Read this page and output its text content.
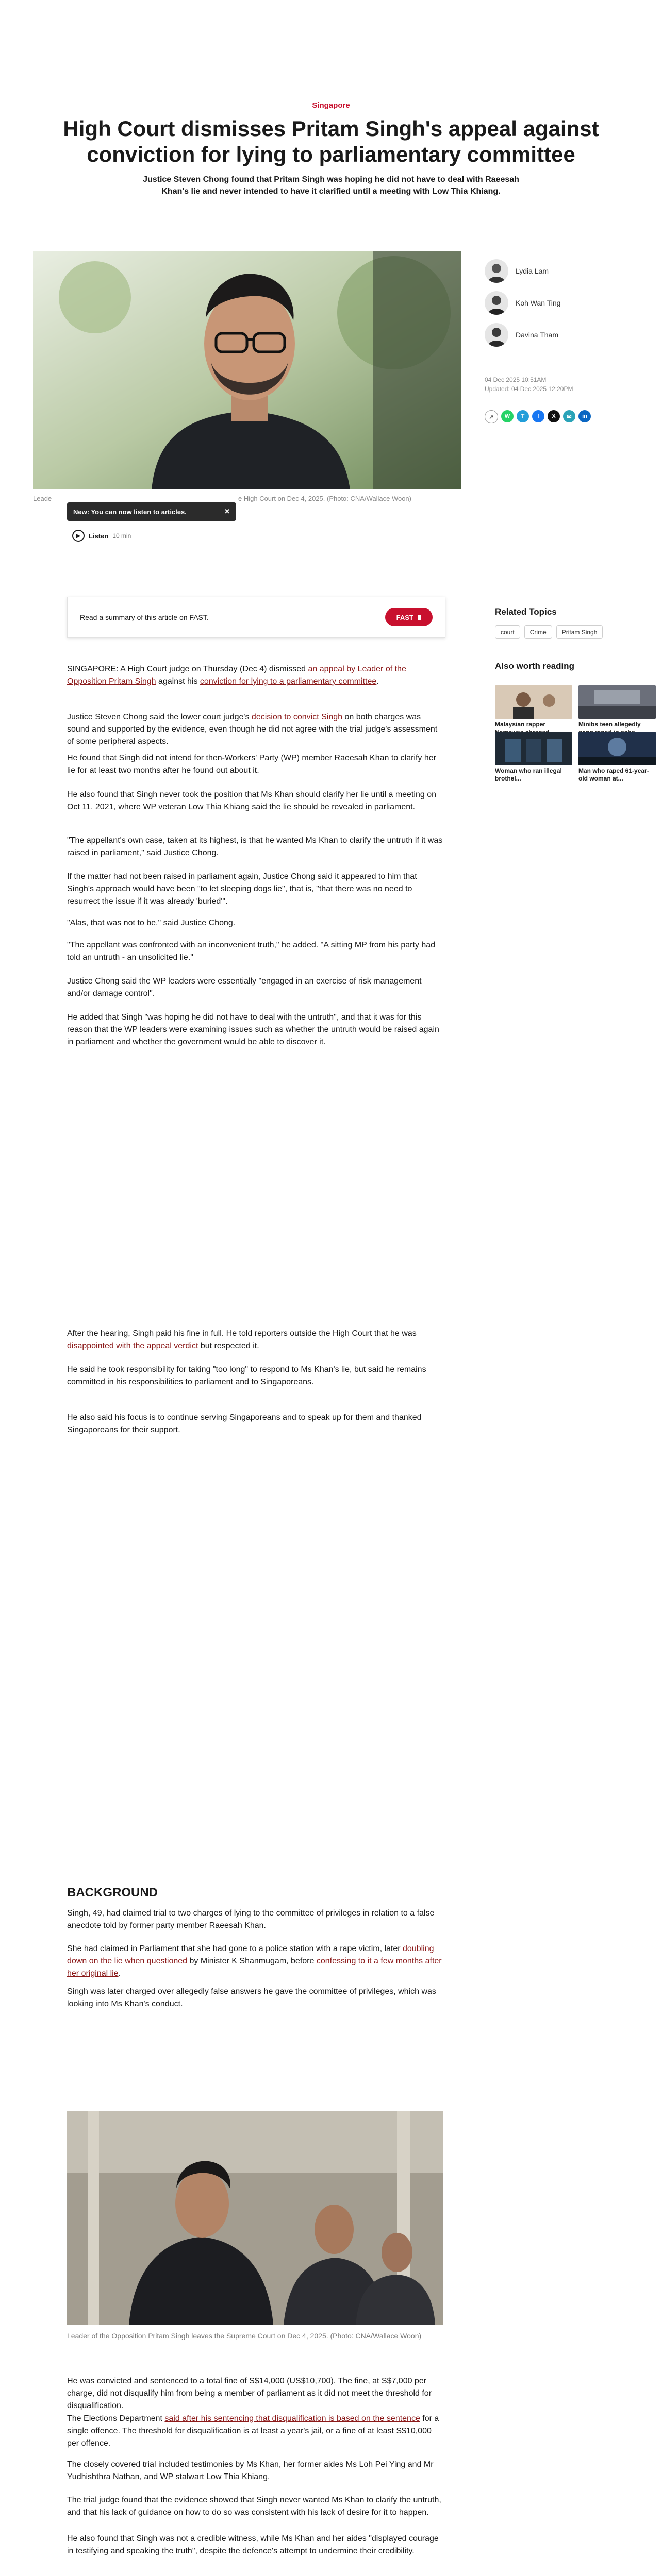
Singapore
High Court dismisses Pritam Singh's appeal against conviction for lying to parliamentary committee

Justice Steven Chong found that Pritam Singh was hoping he did not have to deal with Raeesah Khan's lie and never intended to have it clarified until a meeting with Low Thia Khiang.

Leade	e High Court on Dec 4, 2025. (Photo: CNA/Wallace Woon)
New: You can now listen to articles.	✕
▶	Listen 10 min
Lydia Lam
Koh Wan Ting
Davina Tham
04 Dec 2025 10:51AM
Updated: 04 Dec 2025 12:20PM
↗	W	T	f	X	✉	in
Read a summary of this article on FAST.	FAST ▮
Related Topics
court	Crime	Pritam Singh
Also worth reading
Malaysian rapper	Minibs teen allegedly
Woman who ran illegal brothel...
Man who raped 61-year-old woman at...

SINGAPORE: A High Court judge on Thursday (Dec 4) dismissed an appeal by Leader of the Opposition Pritam Singh against his conviction for lying to a parliamentary committee.

Justice Steven Chong said the lower court judge's decision to convict Singh on both charges was sound and supported by the evidence, even though he did not agree with the trial judge's assessment of some peripheral aspects.

He found that Singh did not intend for then-Workers' Party (WP) member Raeesah Khan to clarify her lie for at least two months after he found out about it.

He also found that Singh never took the position that Ms Khan should clarify her lie until a meeting on Oct 11, 2021, where WP veteran Low Thia Khiang said the lie should be revealed in parliament.

"The appellant's own case, taken at its highest, is that he wanted Ms Khan to clarify the untruth if it was raised in parliament," said Justice Chong.

If the matter had not been raised in parliament again, Justice Chong said it appeared to him that Singh's approach would have been "to let sleeping dogs lie", that is, "that there was no need to resurrect the issue if it was already 'buried'".

"Alas, that was not to be," said Justice Chong.

"The appellant was confronted with an inconvenient truth," he added. "A sitting MP from his party had told an untruth - an unsolicited lie."

Justice Chong said the WP leaders were essentially "engaged in an exercise of risk management and/or damage control".

He added that Singh "was hoping he did not have to deal with the untruth", and that it was for this reason that the WP leaders were examining issues such as whether the untruth would be raised again in parliament and whether the government would be able to discover it.

After the hearing, Singh paid his fine in full. He told reporters outside the High Court that he was disappointed with the appeal verdict but respected it.

He said he took responsibility for taking "too long" to respond to Ms Khan's lie, but said he remains committed in his responsibilities to parliament and to Singaporeans.

He also said his focus is to continue serving Singaporeans and to speak up for them and thanked Singaporeans for their support.

BACKGROUND

Singh, 49, had claimed trial to two charges of lying to the committee of privileges in relation to a false anecdote told by former party member Raeesah Khan.

She had claimed in Parliament that she had gone to a police station with a rape victim, later doubling down on the lie when questioned by Minister K Shanmugam, before confessing to it a few months after her original lie.

Singh was later charged over allegedly false answers he gave the committee of privileges, which was looking into Ms Khan's conduct.

Leader of the Opposition Pritam Singh leaves the Supreme Court on Dec 4, 2025. (Photo: CNA/Wallace Woon)

He was convicted and sentenced to a total fine of S$14,000 (US$10,700). The fine, at S$7,000 per charge, did not disqualify him from being a member of parliament as it did not meet the threshold for disqualification.

The Elections Department said after his sentencing that disqualification is based on the sentence for a single offence. The threshold for disqualification is at least a year's jail, or a fine of at least S$10,000 per offence.

The closely covered trial included testimonies by Ms Khan, her former aides Ms Loh Pei Ying and Mr Yudhishthra Nathan, and WP stalwart Low Thia Khiang.

The trial judge found that the evidence showed that Singh never wanted Ms Khan to clarify the untruth, and that his lack of guidance on how to do so was consistent with his lack of desire for it to happen.

He also found that Singh was not a credible witness, while Ms Khan and her aides "displayed courage in testifying and speaking the truth", despite the defence's attempt to undermine their credibility.
